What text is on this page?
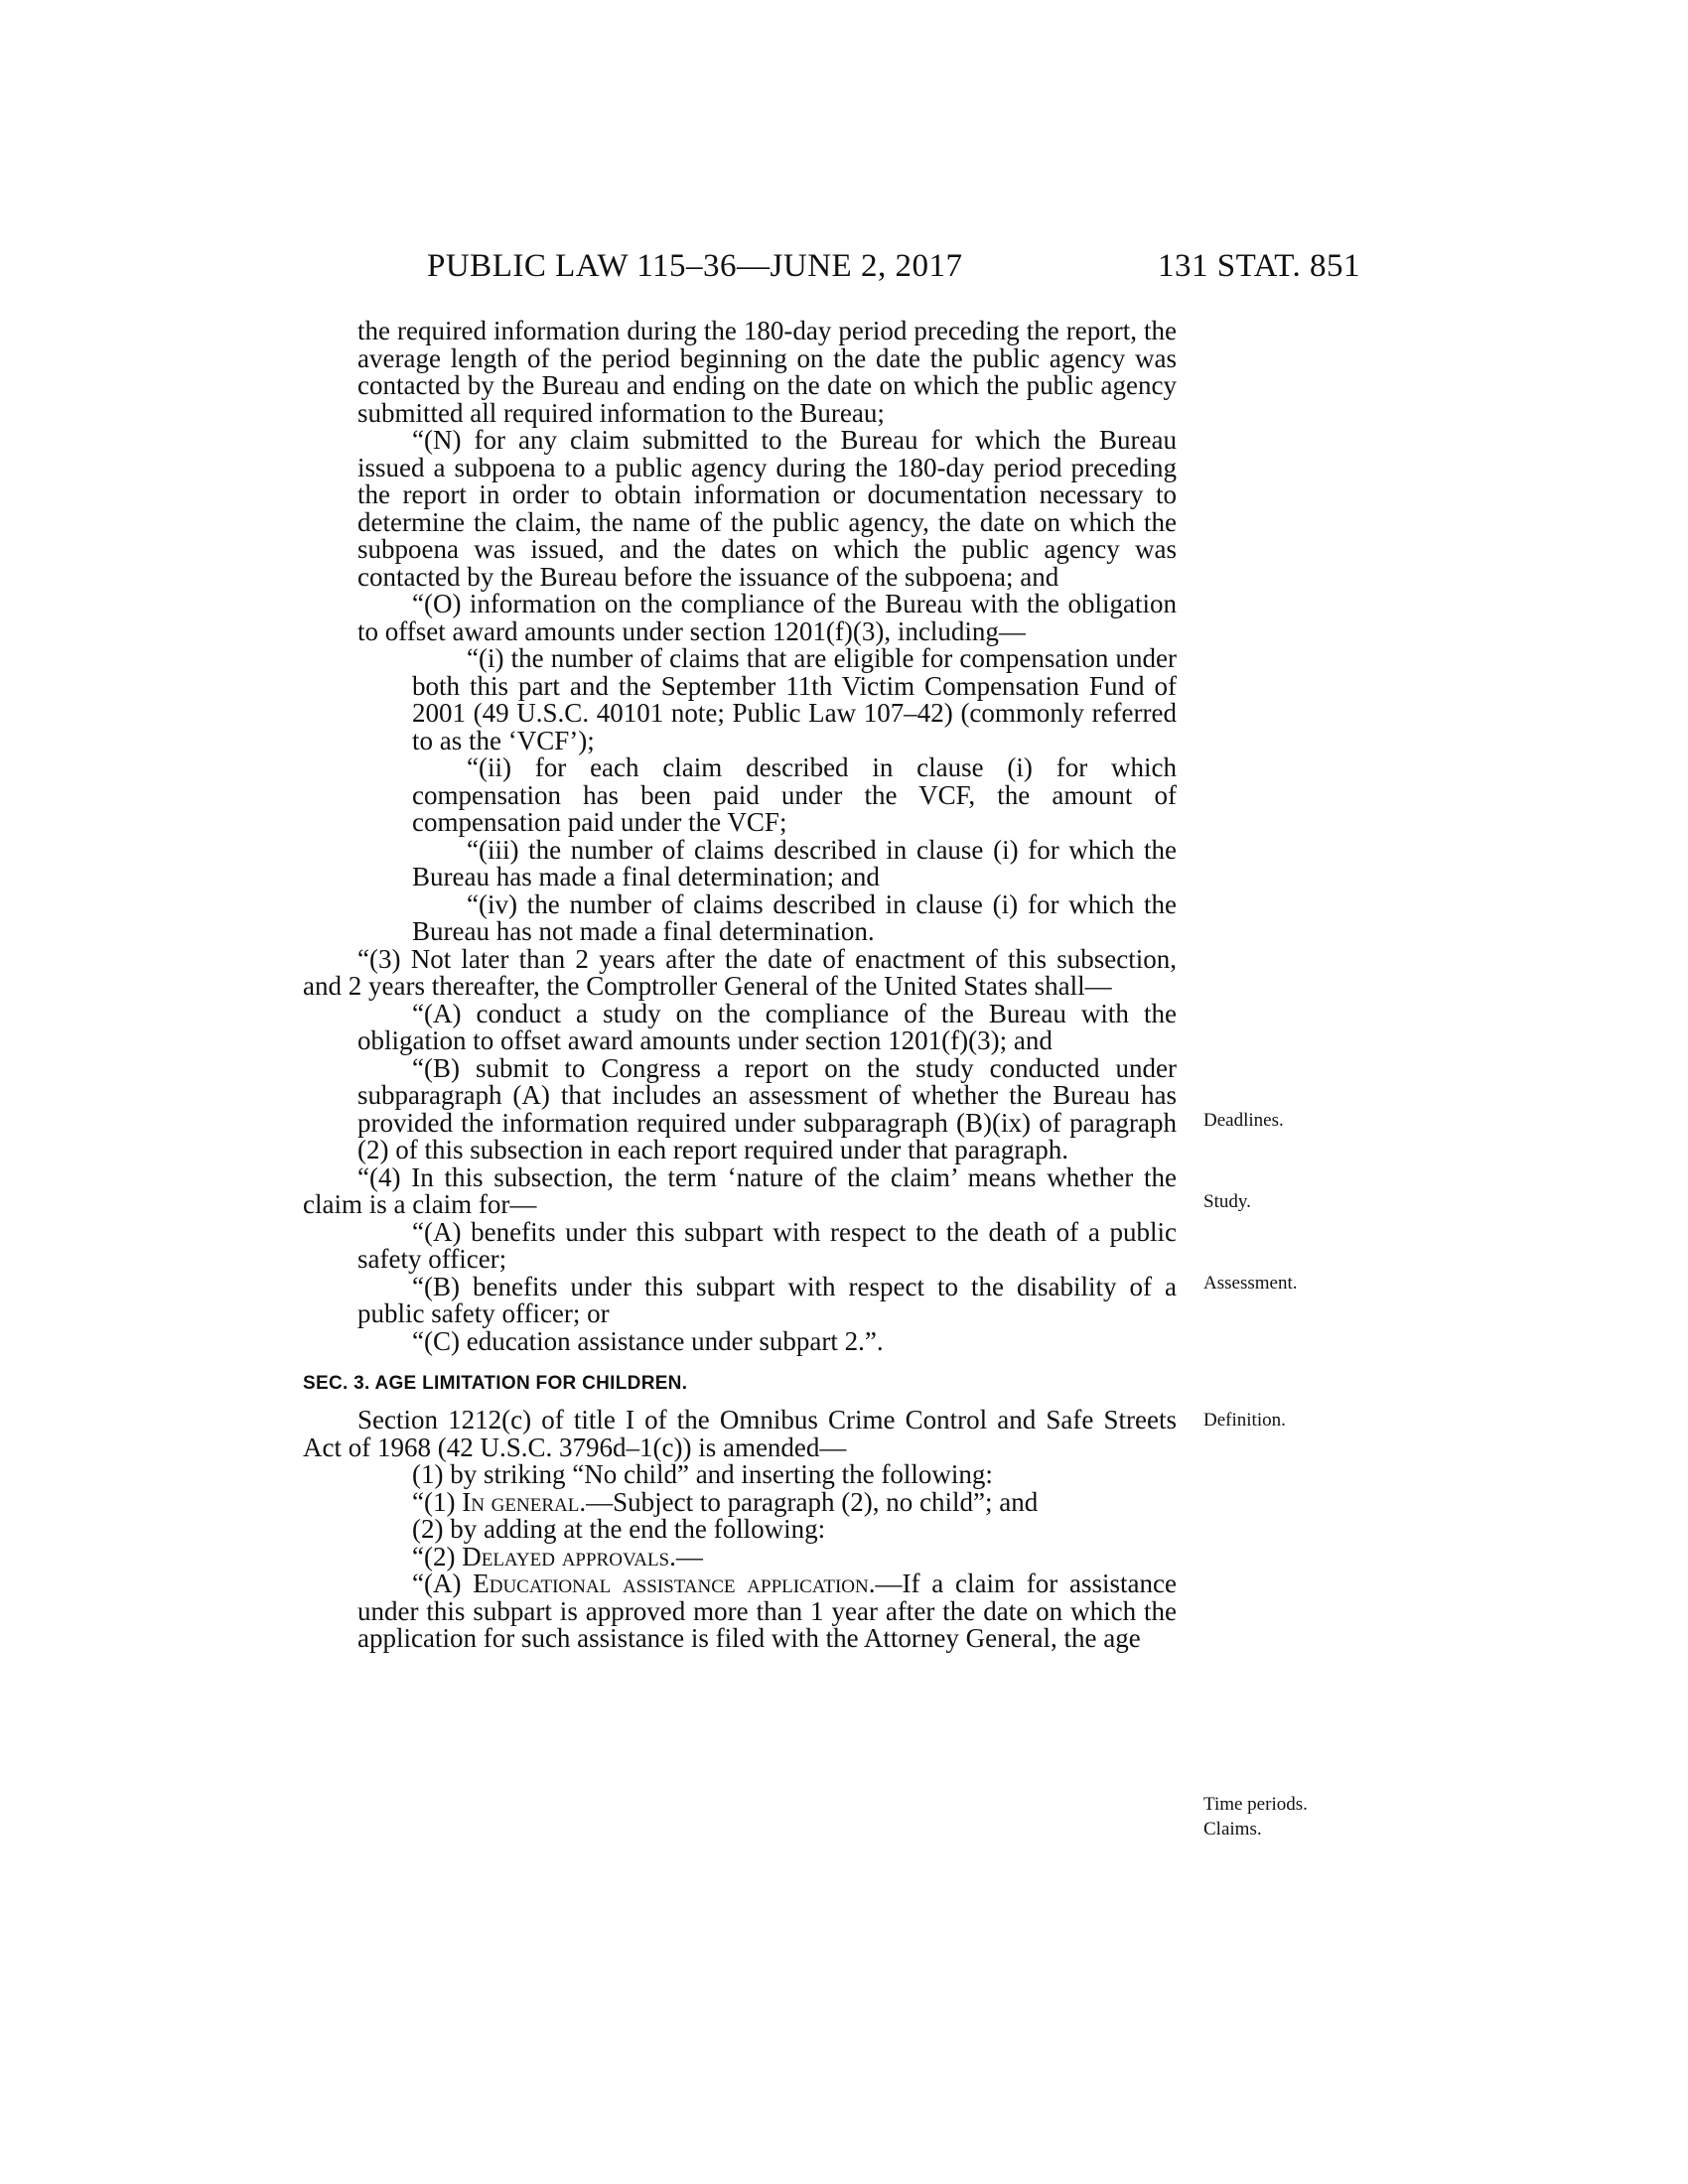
PUBLIC LAW 115–36—JUNE 2, 2017	131 STAT. 851

the required information during the 180-day period preceding the report, the average length of the period beginning on the date the public agency was contacted by the Bureau and ending on the date on which the public agency submitted all required information to the Bureau;

“(N) for any claim submitted to the Bureau for which the Bureau issued a subpoena to a public agency during the 180-day period preceding the report in order to obtain information or documentation necessary to determine the claim, the name of the public agency, the date on which the subpoena was issued, and the dates on which the public agency was contacted by the Bureau before the issuance of the subpoena; and

“(O) information on the compliance of the Bureau with the obligation to offset award amounts under section 1201(f)(3), including—

“(i) the number of claims that are eligible for compensation under both this part and the September 11th Victim Compensation Fund of 2001 (49 U.S.C. 40101 note; Public Law 107–42) (commonly referred to as the ‘VCF’);

“(ii) for each claim described in clause (i) for which compensation has been paid under the VCF, the amount of compensation paid under the VCF;

“(iii) the number of claims described in clause (i) for which the Bureau has made a final determination; and

“(iv) the number of claims described in clause (i) for which the Bureau has not made a final determination.

“(3) Not later than 2 years after the date of enactment of this subsection, and 2 years thereafter, the Comptroller General of the United States shall—

“(A) conduct a study on the compliance of the Bureau with the obligation to offset award amounts under section 1201(f)(3); and

“(B) submit to Congress a report on the study conducted under subparagraph (A) that includes an assessment of whether the Bureau has provided the information required under subparagraph (B)(ix) of paragraph (2) of this subsection in each report required under that paragraph.

“(4) In this subsection, the term ‘nature of the claim’ means whether the claim is a claim for—

“(A) benefits under this subpart with respect to the death of a public safety officer;

“(B) benefits under this subpart with respect to the disability of a public safety officer; or

“(C) education assistance under subpart 2.”.

SEC. 3. AGE LIMITATION FOR CHILDREN.

Section 1212(c) of title I of the Omnibus Crime Control and Safe Streets Act of 1968 (42 U.S.C. 3796d–1(c)) is amended—

(1) by striking “No child” and inserting the following:

“(1) In general.—Subject to paragraph (2), no child”; and

(2) by adding at the end the following:

“(2) Delayed approvals.—

“(A) Educational assistance application.—If a claim for assistance under this subpart is approved more than 1 year after the date on which the application for such assistance is filed with the Attorney General, the age

Deadlines.
Study.
Assessment.
Definition.
Time periods.
Claims.
